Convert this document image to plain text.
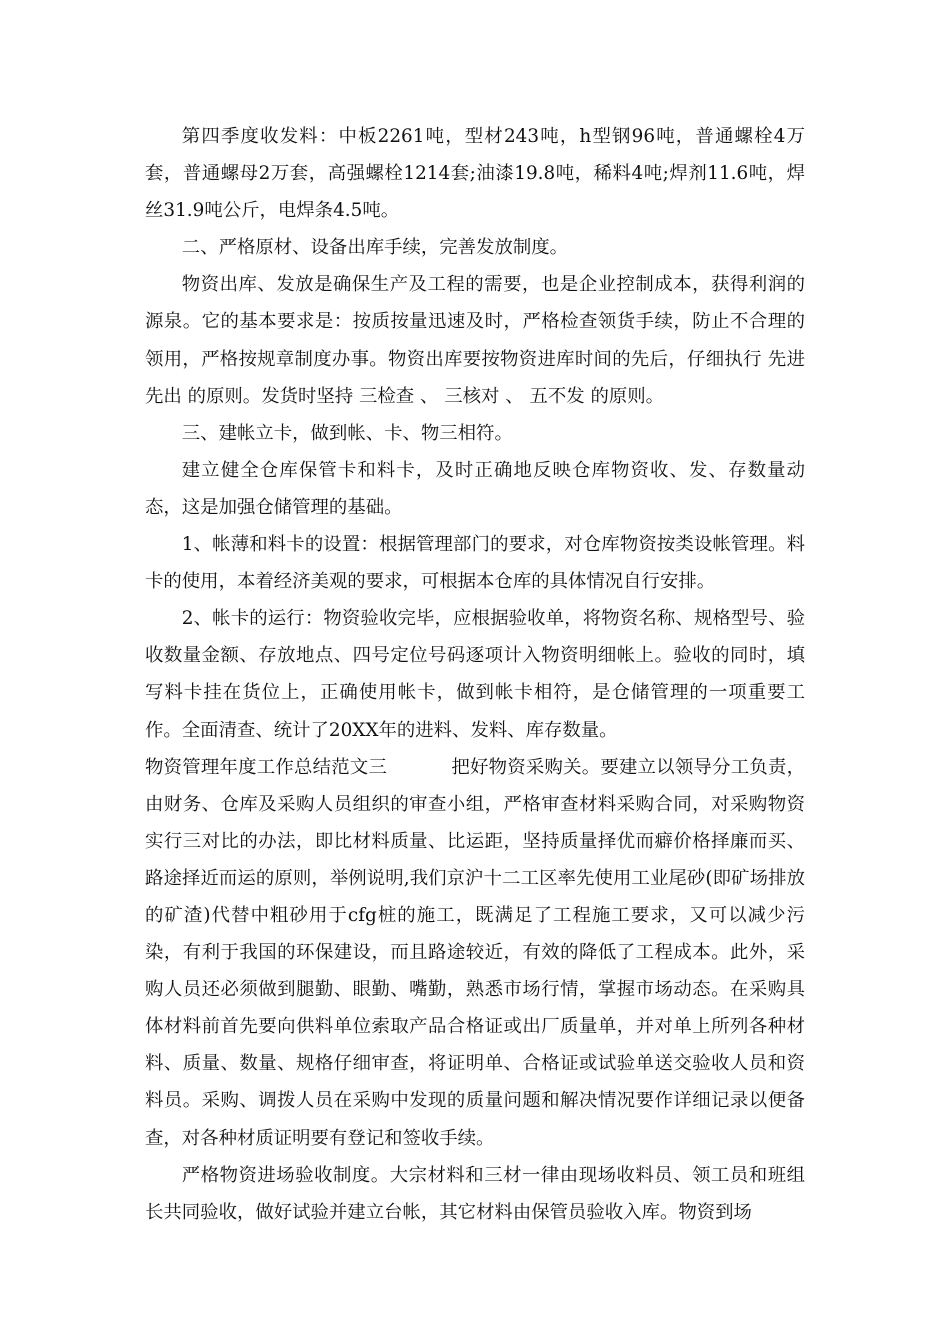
第四季度收发料：中板2261吨，型材243吨，h型钢96吨，普通螺栓4万套，普通螺母2万套，高强螺栓1214套;油漆19.8吨，稀料4吨;焊剂11.6吨，焊丝31.9吨公斤，电焊条4.5吨。

二、严格原材、设备出库手续，完善发放制度。

物资出库、发放是确保生产及工程的需要，也是企业控制成本，获得利润的源泉。它的基本要求是：按质按量迅速及时，严格检查领货手续，防止不合理的领用，严格按规章制度办事。物资出库要按物资进库时间的先后，仔细执行 先进先出 的原则。发货时坚持 三检查 、 三核对 、 五不发 的原则。

三、建帐立卡，做到帐、卡、物三相符。

建立健全仓库保管卡和料卡，及时正确地反映仓库物资收、发、存数量动态，这是加强仓储管理的基础。

1、帐薄和料卡的设置：根据管理部门的要求，对仓库物资按类设帐管理。料卡的使用，本着经济美观的要求，可根据本仓库的具体情况自行安排。

2、帐卡的运行：物资验收完毕，应根据验收单，将物资名称、规格型号、验收数量金额、存放地点、四号定位号码逐项计入物资明细帐上。验收的同时，填写料卡挂在货位上，正确使用帐卡，做到帐卡相符，是仓储管理的一项重要工作。全面清查、统计了20XX年的进料、发料、库存数量。

物资管理年度工作总结范文三	把好物资采购关。要建立以领导分工负责，由财务、仓库及采购人员组织的审查小组，严格审查材料采购合同，对采购物资实行三对比的办法，即比材料质量、比运距，坚持质量择优而癖价格择廉而买、路途择近而运的原则，举例说明,我们京沪十二工区率先使用工业尾砂(即矿场排放的矿渣)代替中粗砂用于cfg桩的施工，既满足了工程施工要求，又可以减少污染，有利于我国的环保建设，而且路途较近，有效的降低了工程成本。此外，采购人员还必须做到腿勤、眼勤、嘴勤，熟悉市场行情，掌握市场动态。在采购具体材料前首先要向供料单位索取产品合格证或出厂质量单，并对单上所列各种材料、质量、数量、规格仔细审查，将证明单、合格证或试验单送交验收人员和资料员。采购、调拨人员在采购中发现的质量问题和解决情况要作详细记录以便备查，对各种材质证明要有登记和签收手续。

严格物资进场验收制度。大宗材料和三材一律由现场收料员、领工员和班组长共同验收，做好试验并建立台帐，其它材料由保管员验收入库。物资到场
